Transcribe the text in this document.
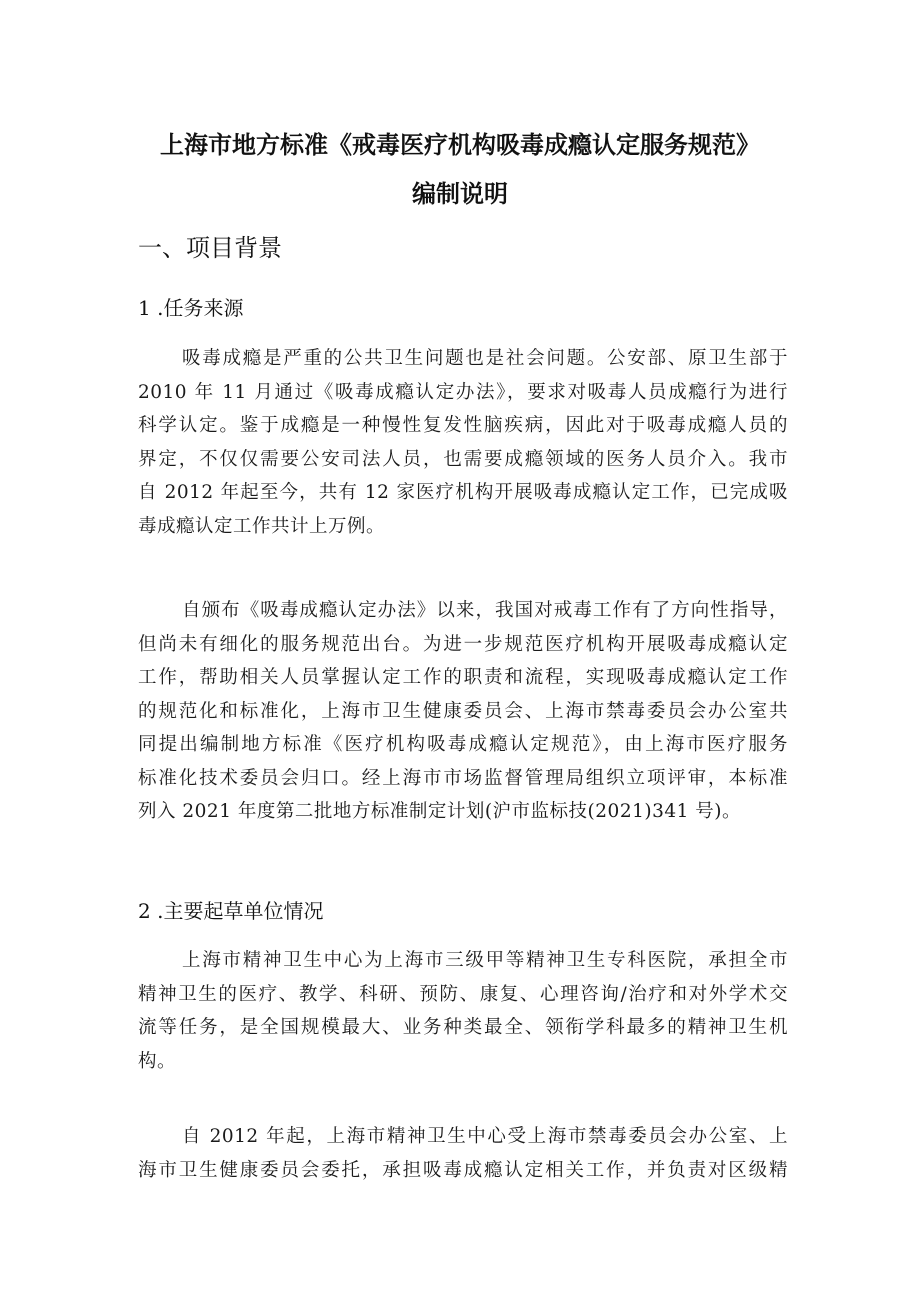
上海市地方标准《戒毒医疗机构吸毒成瘾认定服务规范》
编制说明
一、项目背景
1 .任务来源
吸毒成瘾是严重的公共卫生问题也是社会问题。公安部、原卫生部于
2010 年 11 月通过《吸毒成瘾认定办法》，要求对吸毒人员成瘾行为进行
科学认定。鉴于成瘾是一种慢性复发性脑疾病，因此对于吸毒成瘾人员的
界定，不仅仅需要公安司法人员，也需要成瘾领域的医务人员介入。我市
自 2012 年起至今，共有 12 家医疗机构开展吸毒成瘾认定工作，已完成吸
毒成瘾认定工作共计上万例。
自颁布《吸毒成瘾认定办法》以来，我国对戒毒工作有了方向性指导，
但尚未有细化的服务规范出台。为进一步规范医疗机构开展吸毒成瘾认定
工作，帮助相关人员掌握认定工作的职责和流程，实现吸毒成瘾认定工作
的规范化和标准化，上海市卫生健康委员会、上海市禁毒委员会办公室共
同提出编制地方标准《医疗机构吸毒成瘾认定规范》，由上海市医疗服务
标准化技术委员会归口。经上海市市场监督管理局组织立项评审，本标准
列入 2021 年度第二批地方标准制定计划(沪市监标技(2021)341 号)。
2 .主要起草单位情况
上海市精神卫生中心为上海市三级甲等精神卫生专科医院，承担全市
精神卫生的医疗、教学、科研、预防、康复、心理咨询/治疗和对外学术交
流等任务，是全国规模最大、业务种类最全、领衔学科最多的精神卫生机
构。
自 2012 年起，上海市精神卫生中心受上海市禁毒委员会办公室、上
海市卫生健康委员会委托，承担吸毒成瘾认定相关工作，并负责对区级精
